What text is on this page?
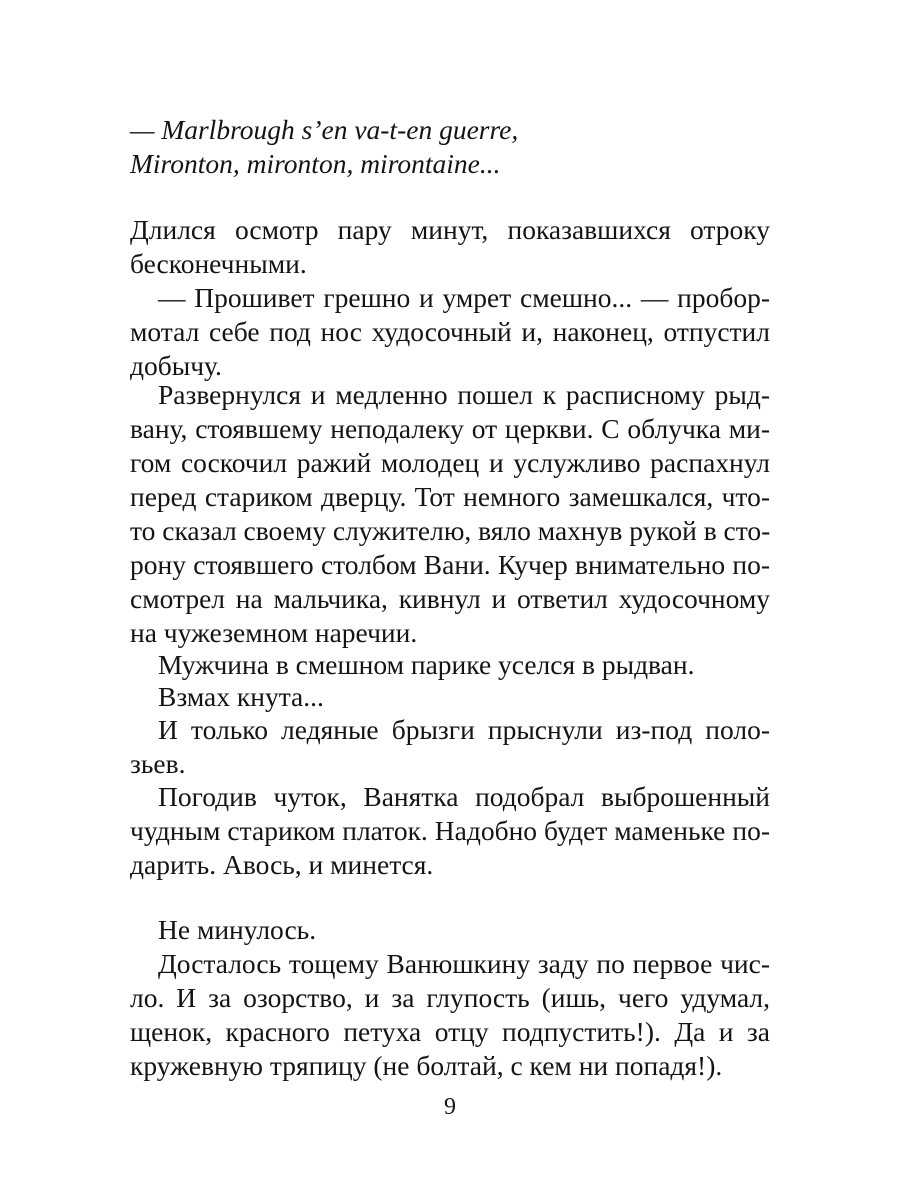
— Marlbrough s’en va-t-en guerre,
Mironton, mironton, mirontaine...
Длился осмотр пару минут, показавшихся отроку
бесконечными.
— Прошивет грешно и умрет смешно... — пробор-
мотал себе под нос худосочный и, наконец, отпустил
добычу.
Развернулся и медленно пошел к расписному рыд-
вану, стоявшему неподалеку от церкви. С облучка ми-
гом соскочил ражий молодец и услужливо распахнул
перед стариком дверцу. Тот немного замешкался, что-
то сказал своему служителю, вяло махнув рукой в сто-
рону стоявшего столбом Вани. Кучер внимательно по-
смотрел на мальчика, кивнул и ответил худосочному
на чужеземном наречии.
Мужчина в смешном парике уселся в рыдван.
Взмах кнута...
И только ледяные брызги прыснули из-под поло-
зьев.
Погодив чуток, Ванятка подобрал выброшенный
чудным стариком платок. Надобно будет маменьке по-
дарить. Авось, и минется.
Не минулось.
Досталось тощему Ванюшкину заду по первое чис-
ло. И за озорство, и за глупость (ишь, чего удумал,
щенок, красного петуха отцу подпустить!). Да и за
кружевную тряпицу (не болтай, с кем ни попадя!).
9
